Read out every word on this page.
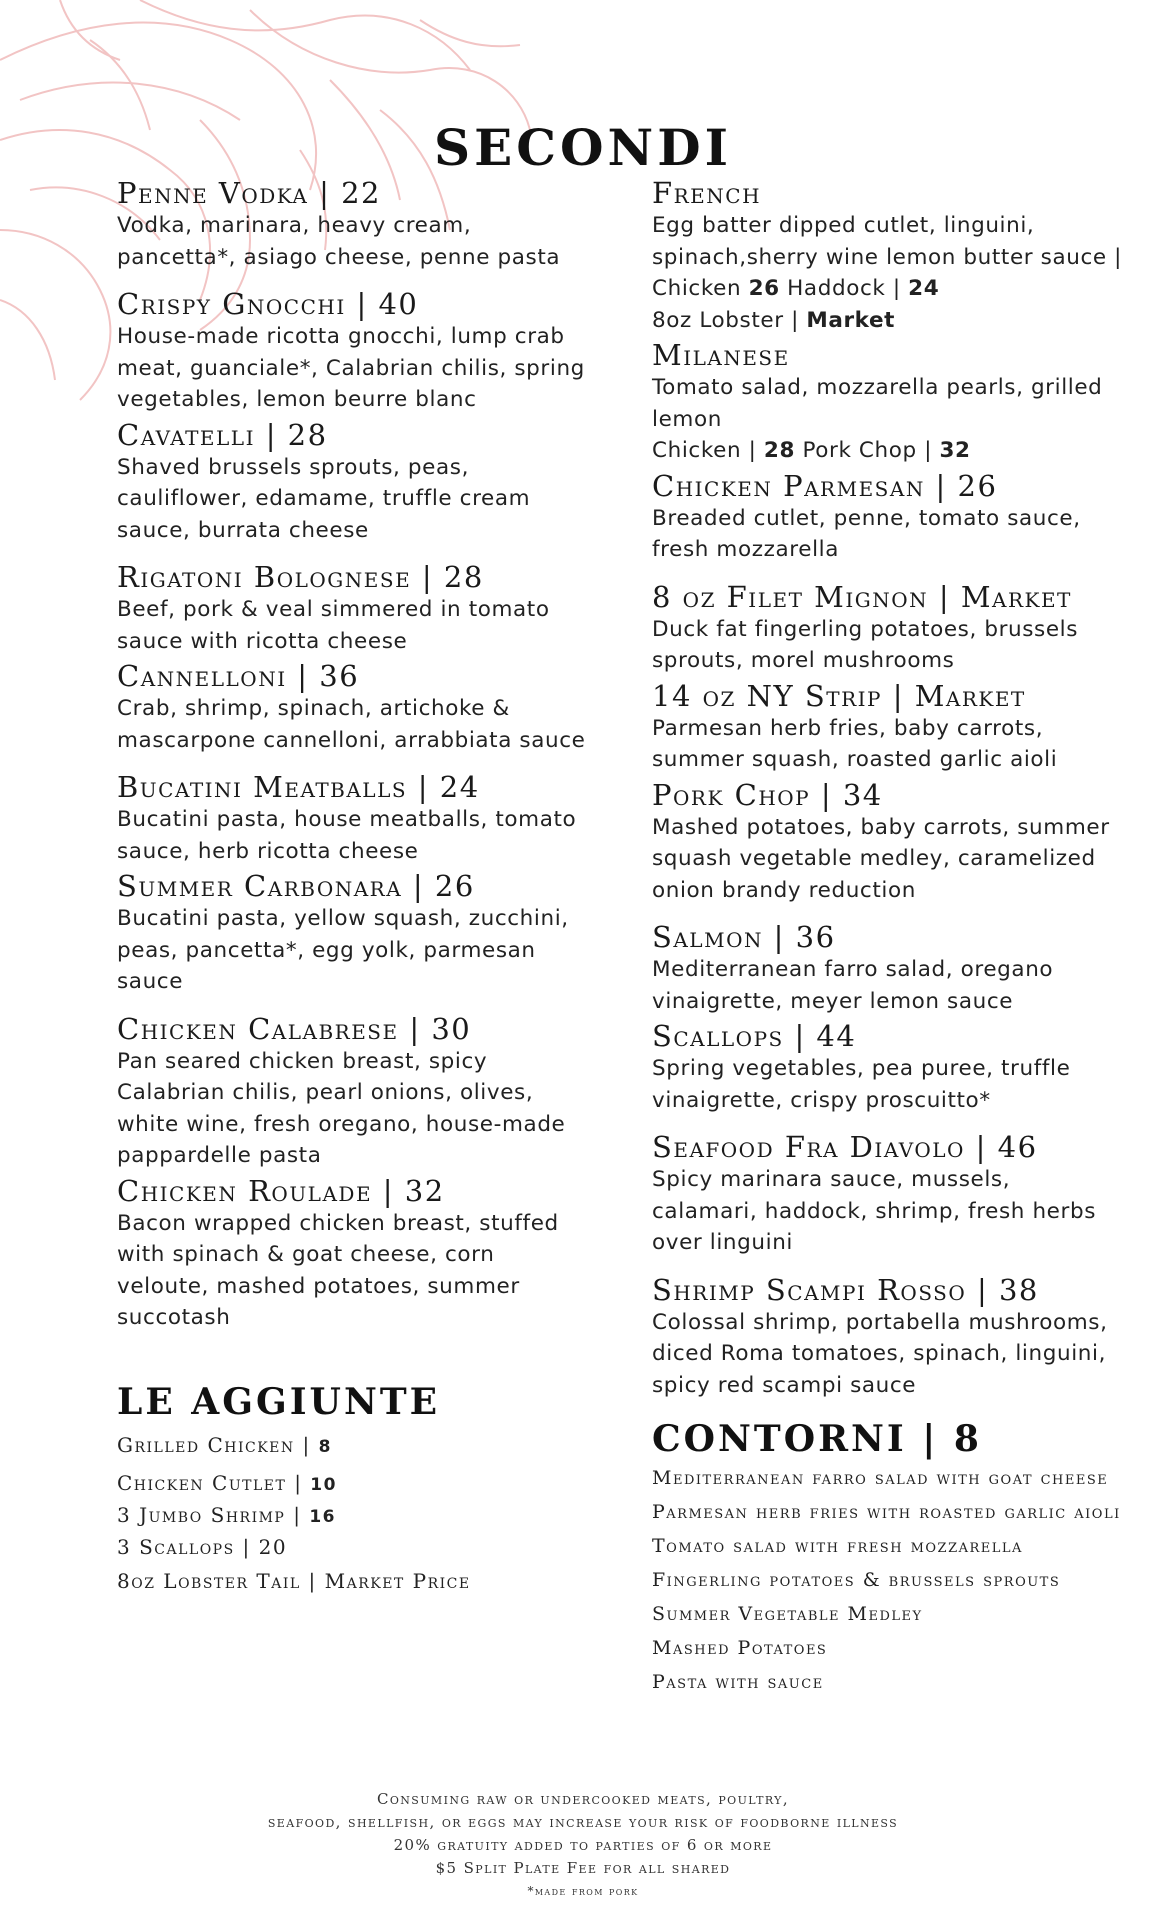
SECONDI
Penne Vodka | 22
Vodka, marinara, heavy cream, pancetta*, asiago cheese, penne pasta
Crispy Gnocchi | 40
House-made ricotta gnocchi, lump crab meat, guanciale*, Calabrian chilis, spring vegetables, lemon beurre blanc
Cavatelli | 28
Shaved brussels sprouts, peas, cauliflower, edamame, truffle cream sauce, burrata cheese
Rigatoni Bolognese | 28
Beef, pork & veal simmered in tomato sauce with ricotta cheese
Cannelloni | 36
Crab, shrimp, spinach, artichoke & mascarpone cannelloni, arrabbiata sauce
Bucatini Meatballs | 24
Bucatini pasta, house meatballs, tomato sauce, herb ricotta cheese
Summer Carbonara | 26
Bucatini pasta, yellow squash, zucchini, peas, pancetta*, egg yolk, parmesan sauce
Chicken Calabrese | 30
Pan seared chicken breast, spicy Calabrian chilis, pearl onions, olives, white wine, fresh oregano, house-made pappardelle pasta
Chicken Roulade | 32
Bacon wrapped chicken breast, stuffed with spinach & goat cheese, corn veloute, mashed potatoes, summer succotash
LE AGGIUNTE
Grilled Chicken | 8
Chicken Cutlet | 10
3 Jumbo Shrimp | 16
3 Scallops | 20
8oz Lobster Tail | Market Price
French
Egg batter dipped cutlet, linguini, spinach,sherry wine lemon butter sauce | Chicken 26 Haddock | 24
8oz Lobster | Market
Milanese
Tomato salad, mozzarella pearls, grilled lemon
Chicken | 28 Pork Chop | 32
Chicken Parmesan | 26
Breaded cutlet, penne, tomato sauce, fresh mozzarella
8 oz Filet Mignon | Market
Duck fat fingerling potatoes, brussels sprouts, morel mushrooms
14 oz NY Strip | Market
Parmesan herb fries, baby carrots, summer squash, roasted garlic aioli
Pork Chop | 34
Mashed potatoes, baby carrots, summer squash vegetable medley, caramelized onion brandy reduction
Salmon | 36
Mediterranean farro salad, oregano vinaigrette, meyer lemon sauce
Scallops | 44
Spring vegetables, pea puree, truffle vinaigrette, crispy proscuitto*
Seafood Fra Diavolo | 46
Spicy marinara sauce, mussels, calamari, haddock, shrimp, fresh herbs over linguini
Shrimp Scampi Rosso | 38
Colossal shrimp, portabella mushrooms, diced Roma tomatoes, spinach, linguini, spicy red scampi sauce
CONTORNI | 8
Mediterranean farro salad with goat cheese
Parmesan herb fries with roasted garlic aioli
Tomato salad with fresh mozzarella
Fingerling potatoes & brussels sprouts
Summer Vegetable Medley
Mashed Potatoes
Pasta with sauce
Consuming raw or undercooked meats, poultry,
seafood, shellfish, or eggs may increase your risk of foodborne illness
20% gratuity added to parties of 6 or more
$5 Split Plate Fee for all shared
*made from pork
